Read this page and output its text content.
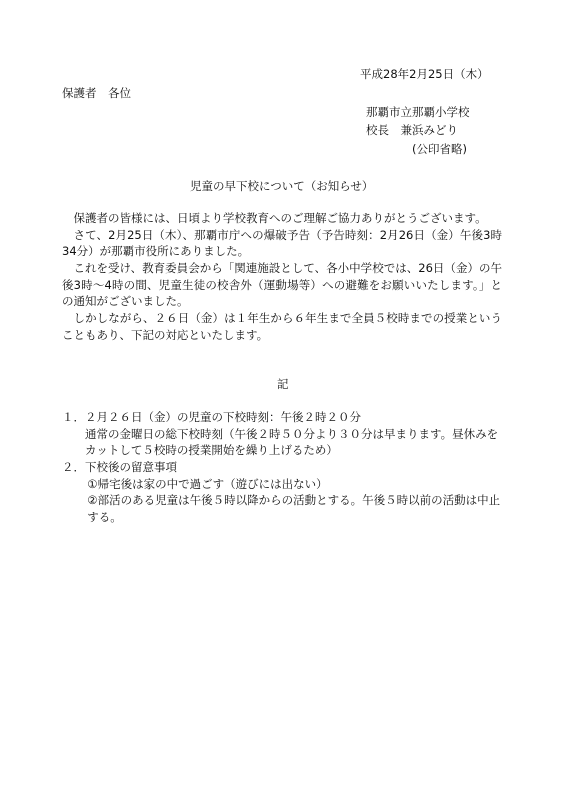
平成28年2月25日（木）
保護者　各位
那覇市立那覇小学校
校長　兼浜みどり
(公印省略)
児童の早下校について（お知らせ）

保護者の皆様には、日頃より学校教育へのご理解ご協力ありがとうございます。

さて、2月25日（木）、那覇市庁への爆破予告（予告時刻：2月26日（金）午後3時34分）が那覇市役所にありました。

これを受け、教育委員会から「関連施設として、各小中学校では、26日（金）の午後3時～4時の間、児童生徒の校舎外（運動場等）への避難をお願いいたします。」との通知がございました。

しかしながら、２６日（金）は１年生から６年生まで全員５校時までの授業ということもあり、下記の対応といたします。

記

１．２月２６日（金）の児童の下校時刻：午後２時２０分

通常の金曜日の総下校時刻（午後２時５０分より３０分は早まります。昼休みをカットして５校時の授業開始を繰り上げるため）

２．下校後の留意事項

①帰宅後は家の中で過ごす（遊びには出ない）

②部活のある児童は午後５時以降からの活動とする。午後５時以前の活動は中止する。
